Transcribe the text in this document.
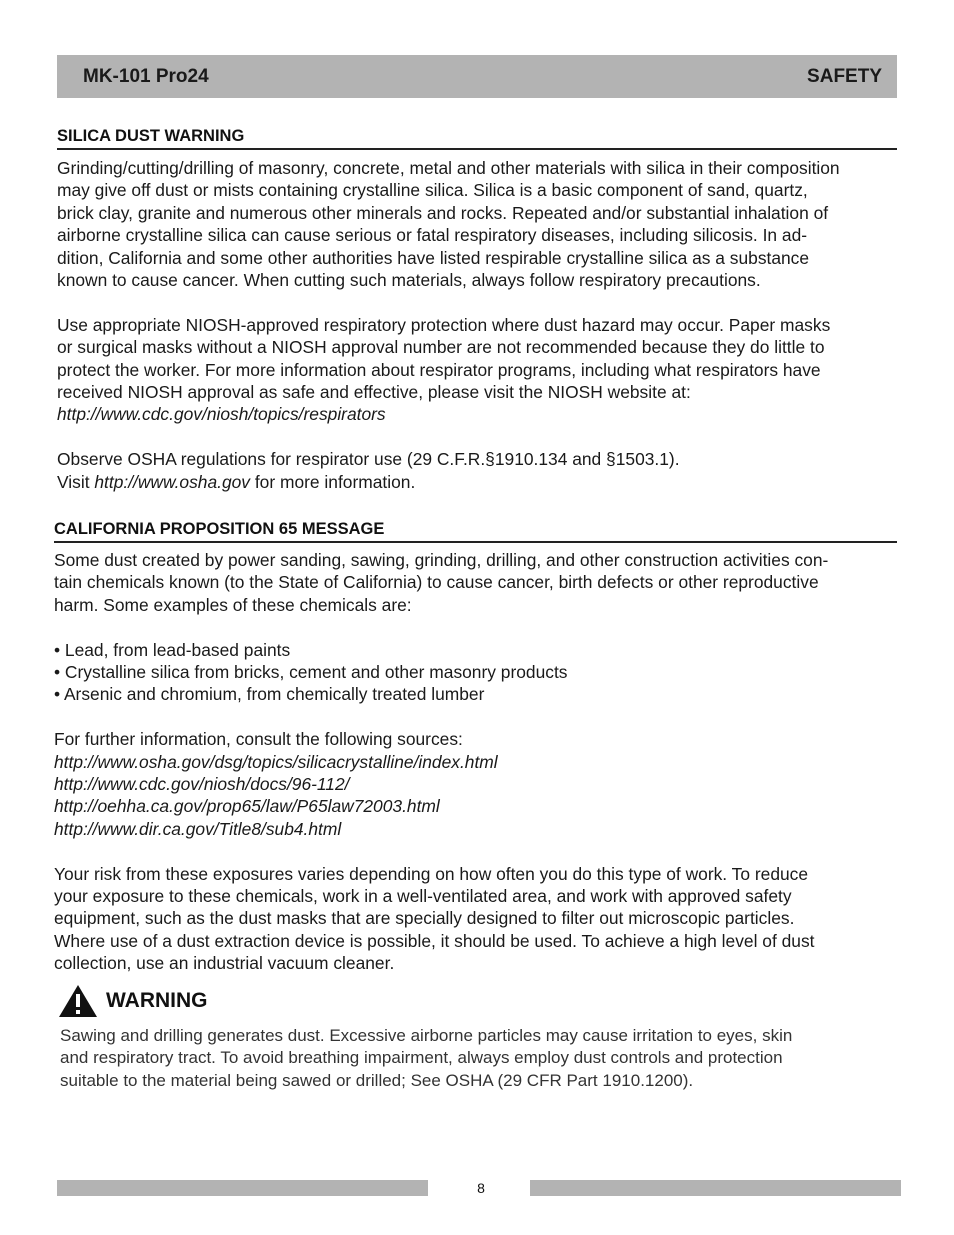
MK-101 Pro24	SAFETY
SILICA DUST WARNING

Grinding/cutting/drilling of masonry, concrete, metal and other materials with silica in their composition

may give off dust or mists containing crystalline silica. Silica is a basic component of sand, quartz,

brick clay, granite and numerous other minerals and rocks. Repeated and/or substantial inhalation of

airborne crystalline silica can cause serious or fatal respiratory diseases, including silicosis. In ad-

dition, California and some other authorities have listed respirable crystalline silica as a substance

known to cause cancer. When cutting such materials, always follow respiratory precautions.

Use appropriate NIOSH-approved respiratory protection where dust hazard may occur. Paper masks

or surgical masks without a NIOSH approval number are not recommended because they do little to

protect the worker. For more information about respirator programs, including what respirators have

received NIOSH approval as safe and effective, please visit the NIOSH website at:

http://www.cdc.gov/niosh/topics/respirators

Observe OSHA regulations for respirator use (29 C.F.R.§1910.134 and §1503.1).

Visit http://www.osha.gov for more information.

CALIFORNIA PROPOSITION 65 MESSAGE

Some dust created by power sanding, sawing, grinding, drilling, and other construction activities con-

tain chemicals known (to the State of California) to cause cancer, birth defects or other reproductive

harm. Some examples of these chemicals are:

• Lead, from lead-based paints

• Crystalline silica from bricks, cement and other masonry products

• Arsenic and chromium, from chemically treated lumber

For further information, consult the following sources:

http://www.osha.gov/dsg/topics/silicacrystalline/index.html

http://www.cdc.gov/niosh/docs/96-112/

http://oehha.ca.gov/prop65/law/P65law72003.html

http://www.dir.ca.gov/Title8/sub4.html

Your risk from these exposures varies depending on how often you do this type of work. To reduce

your exposure to these chemicals, work in a well-ventilated area, and work with approved safety

equipment, such as the dust masks that are specially designed to filter out microscopic particles.

Where use of a dust extraction device is possible, it should be used. To achieve a high level of dust

collection, use an industrial vacuum cleaner.

WARNING

Sawing and drilling generates dust. Excessive airborne particles may cause irritation to eyes, skin

and respiratory tract. To avoid breathing impairment, always employ dust controls and protection

suitable to the material being sawed or drilled; See OSHA (29 CFR Part 1910.1200).

8
